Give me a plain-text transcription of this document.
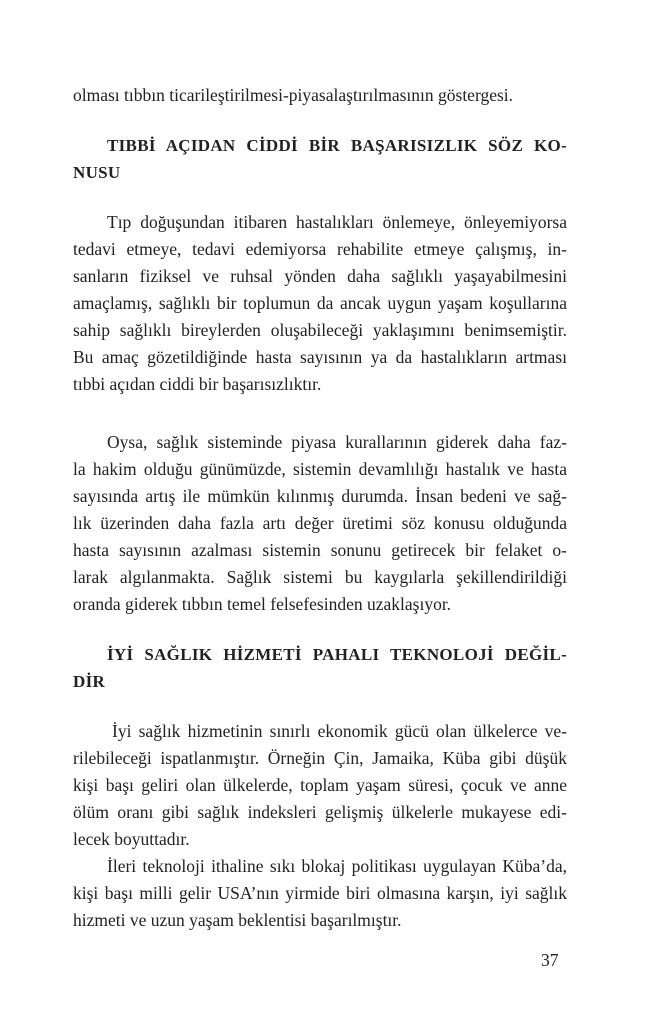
olması tıbbın ticarileştirilmesi-piyasalaştırılmasının göstergesi.
TIBBİ AÇIDAN CİDDİ BİR BAŞARISIZLIK SÖZ KO-
NUSU
Tıp doğuşundan itibaren hastalıkları önlemeye, önleyemiyorsa
tedavi etmeye, tedavi edemiyorsa rehabilite etmeye çalışmış, in-
sanların fiziksel ve ruhsal yönden daha sağlıklı yaşayabilmesini
amaçlamış, sağlıklı bir toplumun da ancak uygun yaşam koşullarına
sahip sağlıklı bireylerden oluşabileceği yaklaşımını benimsemiştir.
Bu amaç gözetildiğinde hasta sayısının ya da hastalıkların artması
tıbbi açıdan ciddi bir başarısızlıktır.
Oysa, sağlık sisteminde piyasa kurallarının giderek daha faz-
la hakim olduğu günümüzde, sistemin devamlılığı hastalık ve hasta
sayısında artış ile mümkün kılınmış durumda. İnsan bedeni ve sağ-
lık üzerinden daha fazla artı değer üretimi söz konusu olduğunda
hasta sayısının azalması sistemin sonunu getirecek bir felaket o-
larak algılanmakta. Sağlık sistemi bu kaygılarla şekillendirildiği
oranda giderek tıbbın temel felsefesinden uzaklaşıyor.
İYİ SAĞLIK HİZMETİ PAHALI TEKNOLOJİ DEĞİL-
DİR
İyi sağlık hizmetinin sınırlı ekonomik gücü olan ülkelerce ve-
rilebileceği ispatlanmıştır. Örneğin Çin, Jamaika, Küba gibi düşük
kişi başı geliri olan ülkelerde, toplam yaşam süresi, çocuk ve anne
ölüm oranı gibi sağlık indeksleri gelişmiş ülkelerle mukayese edi-
lecek boyuttadır.
İleri teknoloji ithaline sıkı blokaj politikası uygulayan Küba’da,
kişi başı milli gelir USA’nın yirmide biri olmasına karşın, iyi sağlık
hizmeti ve uzun yaşam beklentisi başarılmıştır.
37
